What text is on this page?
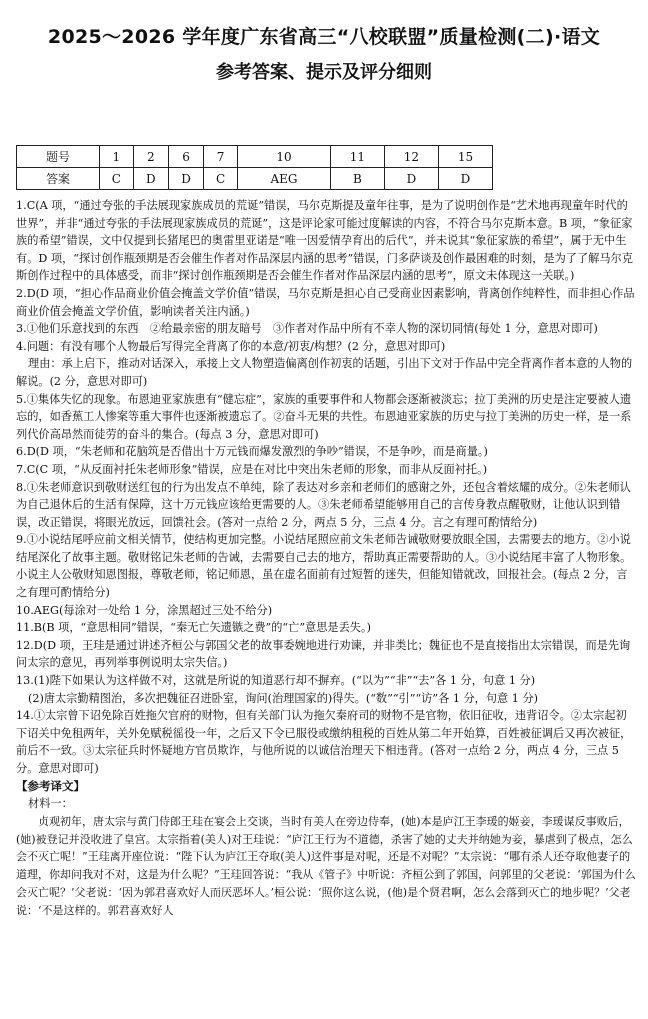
2025～2026 学年度广东省高三“八校联盟”质量检测(二)·语文
参考答案、提示及评分细则
题号	1	2	6	7	10	11	12	15
答案	C	D	D	C	AEG	B	D	D
1.C(A 项，“通过夸张的手法展现家族成员的荒诞”错误，马尔克斯提及童年往事，是为了说明创作是“艺术地再现童年时代的世界”，并非“通过夸张的手法展现家族成员的荒诞”，这是评论家可能过度解读的内容，不符合马尔克斯本意。B 项，“象征家族的希望”错误，文中仅提到长猪尾巴的奥雷里亚诺是“唯一因爱情孕育出的后代”，并未说其“象征家族的希望”，属于无中生有。D 项，“探讨创作瓶颈期是否会催生作者对作品深层内涵的思考”错误，门多萨谈及创作最困难的时刻，是为了了解马尔克斯创作过程中的具体感受，而非“探讨创作瓶颈期是否会催生作者对作品深层内涵的思考”，原文未体现这一关联。)
2.D(D 项，“担心作品商业价值会掩盖文学价值”错误，马尔克斯是担心自己受商业因素影响，背离创作纯粹性，而非担心作品商业价值会掩盖文学价值，影响读者关注内涵。)
3.①他们乐意找到的东西　②给最亲密的朋友暗号　③作者对作品中所有不幸人物的深切同情(每处 1 分，意思对即可)
4.问题：有没有哪个人物最后写得完全背离了你的本意/初衷/构想？(2 分，意思对即可)
理由：承上启下，推动对话深入，承接上文人物塑造偏离创作初衷的话题，引出下文对于作品中完全背离作者本意的人物的解说。(2 分，意思对即可)
5.①集体失忆的现象。布恩迪亚家族患有“健忘症”，家族的重要事件和人物都会逐渐被淡忘；拉丁美洲的历史是注定要被人遗忘的，如香蕉工人惨案等重大事件也逐渐被遗忘了。②奋斗无果的共性。布恩迪亚家族的历史与拉丁美洲的历史一样，是一系列代价高昂然而徒劳的奋斗的集合。(每点 3 分，意思对即可)
6.D(D 项，“朱老师和花脑筑是否借出十万元钱而爆发激烈的争吵”错误，不是争吵，而是商量。)
7.C(C 项，“从反面衬托朱老师形象”错误，应是在对比中突出朱老师的形象，而非从反面衬托。)
8.①朱老师意识到敬财送红包的行为出发点不单纯，除了表达对乡亲和老师们的感谢之外，还包含着炫耀的成分。②朱老师认为自己退休后的生活有保障，这十万元钱应该给更需要的人。③朱老师希望能够用自己的言传身教点醒敬财，让他认识到错误，改正错误，将眼光放远，回馈社会。(答对一点给 2 分，两点 5 分，三点 4 分。言之有理可酌情给分)
9.①小说结尾呼应前文相关情节，使结构更加完整。小说结尾照应前文朱老师告诫敬财要放眼全国，去需要去的地方。②小说结尾深化了故事主题。敬财铭记朱老师的告诫，去需要自己去的地方，帮助真正需要帮助的人。③小说结尾丰富了人物形象。小说主人公敬财知恩图报，尊敬老师，铭记师恩，虽在虚名面前有过短暂的迷失，但能知错就改，回报社会。(每点 2 分，言之有理可酌情给分)
10.AEG(每涂对一处给 1 分，涂黑超过三处不给分)
11.B(B 项，“意思相同”错误，“秦无亡矢遗镞之费”的“亡”意思是丢失。)
12.D(D 项，王珪是通过讲述齐桓公与郭国父老的故事委婉地进行劝谏，并非类比；魏征也不是直接指出太宗错误，而是先询问太宗的意见，再列举事例说明太宗失信。)
13.(1)陛下如果认为这样做不对，这就是所说的知道恶行却不摒弃。(“以为”“非”“去”各 1 分，句意 1 分)
(2)唐太宗勤精图治，多次把魏征召进卧室，询问(治理国家的)得失。(“数”“引”“访”各 1 分，句意 1 分)
14.①太宗曾下诏免除百姓拖欠官府的财物，但有关部门认为拖欠秦府司的财物不是官物，依旧征收，违背诏令。②太宗起初下诏关中免租两年，关外免赋税徭役一年，之后又下令已服役或缴纳租税的百姓从第二年开始算，百姓被征调后又再次被征，前后不一致。③太宗征兵时怀疑地方官员欺诈，与他所说的以诚信治理天下相违背。(答对一点给 2 分，两点 4 分，三点 5 分。意思对即可)
【参考译文】
材料一：
贞观初年，唐太宗与黄门侍郎王珪在宴会上交谈，当时有美人在旁边侍奉，(她)本是庐江王李瑗的姬妾，李瑗谋反事败后，(她)被登记并没收进了皇宫。太宗指着(美人)对王珪说：“庐江王行为不道德，杀害了她的丈夫并纳她为妾，暴虐到了极点，怎么会不灭亡呢！”王珪离开座位说：“陛下认为庐江王夺取(美人)这件事是对呢，还是不对呢？”太宗说：“哪有杀人还夺取他妻子的道理，你却问我对不对，这是为什么呢？”王珪回答说：“我从《管子》中听说：齐桓公到了郭国，问郭里的父老说：‘郭国为什么会灭亡呢？’父老说：‘因为郭君喜欢好人而厌恶坏人。’桓公说：‘照你这么说，(他)是个贤君啊，怎么会落到灭亡的地步呢？’父老说：‘不是这样的。郭君喜欢好人
